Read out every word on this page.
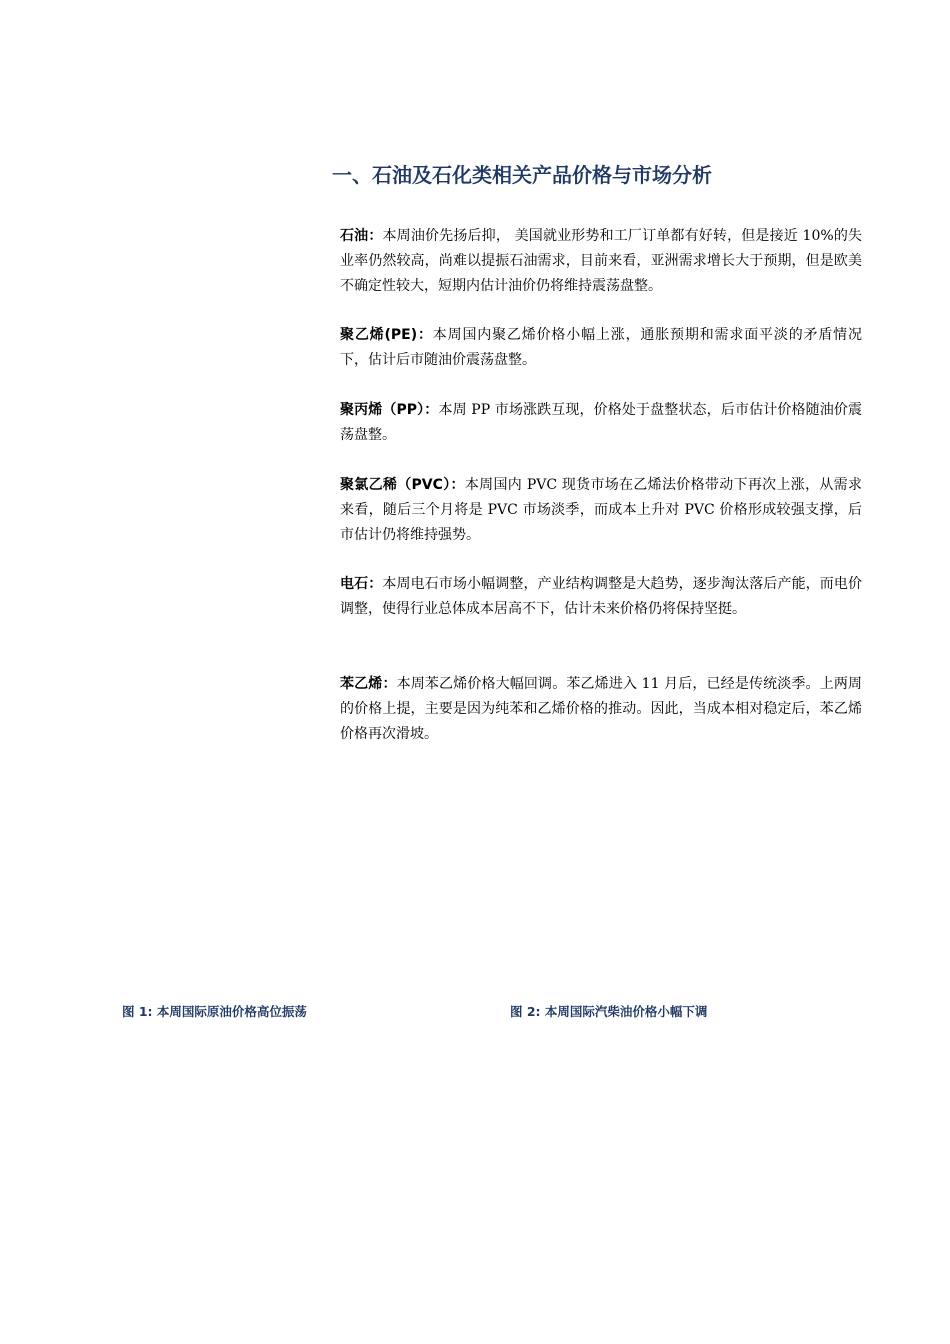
一、石油及石化类相关产品价格与市场分析

石油：本周油价先扬后抑， 美国就业形势和工厂订单都有好转，但是接近 10%的失业率仍然较高，尚难以提振石油需求，目前来看，亚洲需求增长大于预期，但是欧美不确定性较大，短期内估计油价仍将维持震荡盘整。

聚乙烯(PE)：本周国内聚乙烯价格小幅上涨，通胀预期和需求面平淡的矛盾情况下，估计后市随油价震荡盘整。

聚丙烯（PP）：本周 PP 市场涨跌互现，价格处于盘整状态，后市估计价格随油价震荡盘整。

聚氯乙稀（PVC）：本周国内 PVC 现货市场在乙烯法价格带动下再次上涨，从需求来看，随后三个月将是 PVC 市场淡季，而成本上升对 PVC 价格形成较强支撑，后市估计仍将维持强势。

电石：本周电石市场小幅调整，产业结构调整是大趋势，逐步淘汰落后产能，而电价调整，使得行业总体成本居高不下，估计未来价格仍将保持坚挺。

苯乙烯：本周苯乙烯价格大幅回调。苯乙烯进入 11 月后，已经是传统淡季。上两周的价格上提，主要是因为纯苯和乙烯价格的推动。因此，当成本相对稳定后，苯乙烯价格再次滑坡。

图 1: 本周国际原油价格高位振荡	图 2: 本周国际汽柴油价格小幅下调
